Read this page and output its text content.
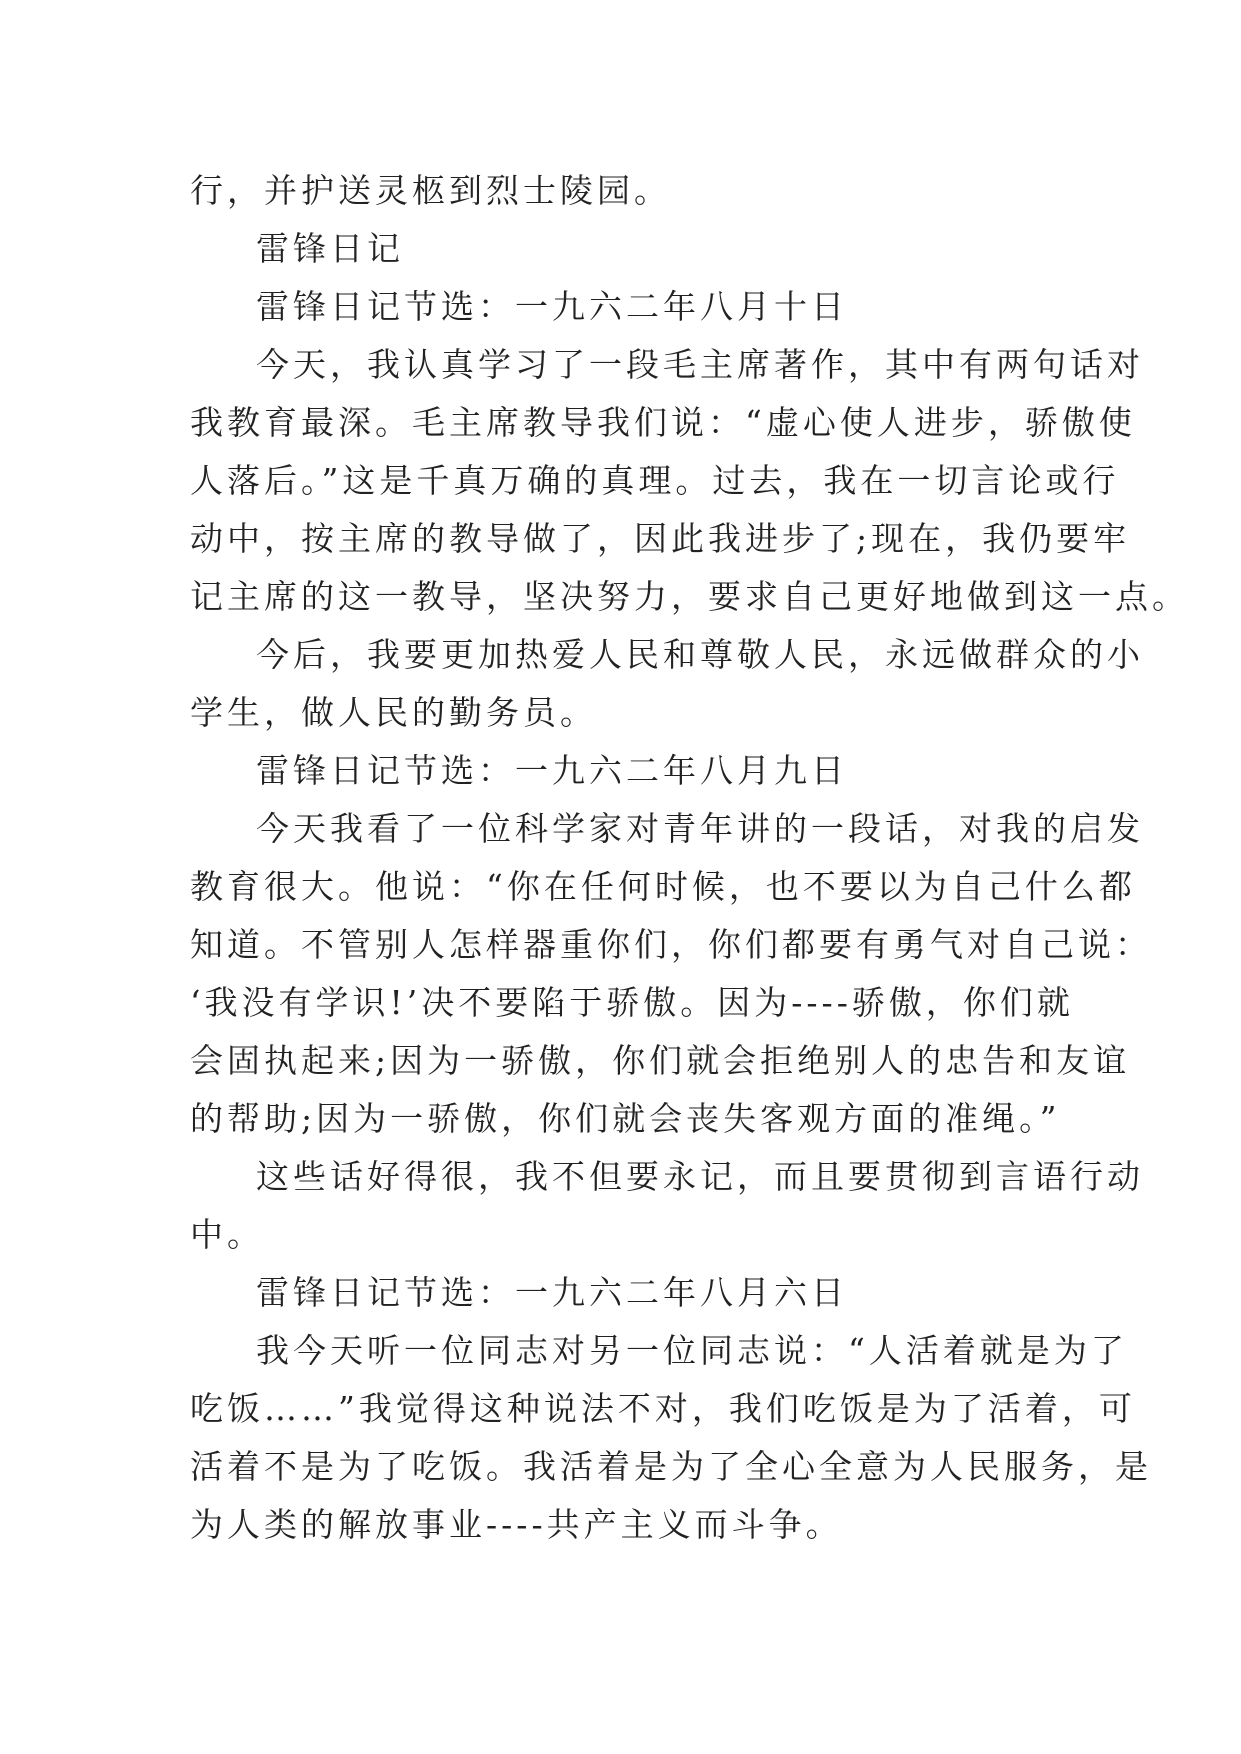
行，并护送灵柩到烈士陵园。
雷锋日记
雷锋日记节选：一九六二年八月十日
今天，我认真学习了一段毛主席著作，其中有两句话对
我教育最深。毛主席教导我们说：“虚心使人进步，骄傲使
人落后。”这是千真万确的真理。过去，我在一切言论或行
动中，按主席的教导做了，因此我进步了;现在，我仍要牢
记主席的这一教导，坚决努力，要求自己更好地做到这一点。
今后，我要更加热爱人民和尊敬人民，永远做群众的小
学生，做人民的勤务员。
雷锋日记节选：一九六二年八月九日
今天我看了一位科学家对青年讲的一段话，对我的启发
教育很大。他说：“你在任何时候，也不要以为自己什么都
知道。不管别人怎样器重你们，你们都要有勇气对自己说：
‘我没有学识!’决不要陷于骄傲。因为----骄傲，你们就
会固执起来;因为一骄傲，你们就会拒绝别人的忠告和友谊
的帮助;因为一骄傲，你们就会丧失客观方面的准绳。”
这些话好得很，我不但要永记，而且要贯彻到言语行动
中。
雷锋日记节选：一九六二年八月六日
我今天听一位同志对另一位同志说：“人活着就是为了
吃饭……”我觉得这种说法不对，我们吃饭是为了活着，可
活着不是为了吃饭。我活着是为了全心全意为人民服务，是
为人类的解放事业----共产主义而斗争。
